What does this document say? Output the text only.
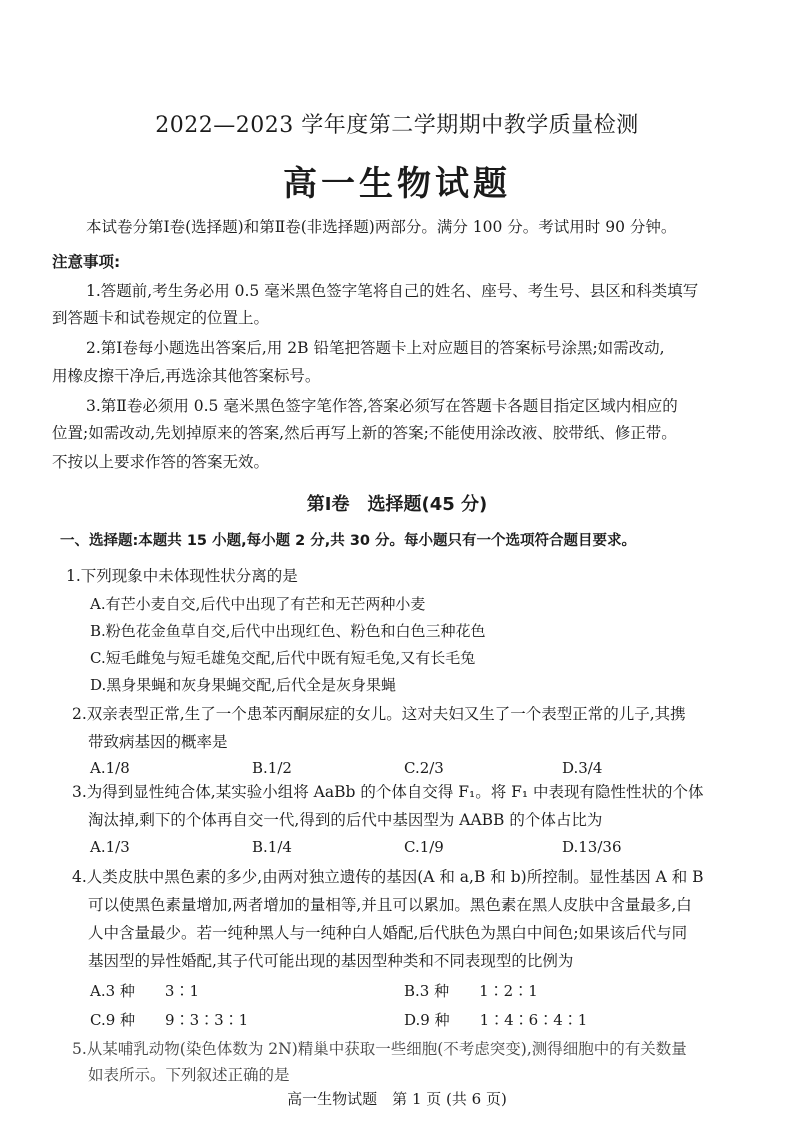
2022—2023 学年度第二学期期中教学质量检测
高一生物试题
本试卷分第Ⅰ卷(选择题)和第Ⅱ卷(非选择题)两部分。满分 100 分。考试用时 90 分钟。
注意事项:
1.答题前,考生务必用 0.5 毫米黑色签字笔将自己的姓名、座号、考生号、县区和科类填写
到答题卡和试卷规定的位置上。
2.第Ⅰ卷每小题选出答案后,用 2B 铅笔把答题卡上对应题目的答案标号涂黑;如需改动,
用橡皮擦干净后,再选涂其他答案标号。
3.第Ⅱ卷必须用 0.5 毫米黑色签字笔作答,答案必须写在答题卡各题目指定区域内相应的
位置;如需改动,先划掉原来的答案,然后再写上新的答案;不能使用涂改液、胶带纸、修正带。
不按以上要求作答的答案无效。
第Ⅰ卷　选择题(45 分)
一、选择题:本题共 15 小题,每小题 2 分,共 30 分。每小题只有一个选项符合题目要求。
1.下列现象中未体现性状分离的是
A.有芒小麦自交,后代中出现了有芒和无芒两种小麦
B.粉色花金鱼草自交,后代中出现红色、粉色和白色三种花色
C.短毛雌兔与短毛雄兔交配,后代中既有短毛兔,又有长毛兔
D.黑身果蝇和灰身果蝇交配,后代全是灰身果蝇
2.双亲表型正常,生了一个患苯丙酮尿症的女儿。这对夫妇又生了一个表型正常的儿子,其携
带致病基因的概率是
A.1/8	B.1/2	C.2/3	D.3/4
3.为得到显性纯合体,某实验小组将 AaBb 的个体自交得 F₁。将 F₁ 中表现有隐性性状的个体
淘汰掉,剩下的个体再自交一代,得到的后代中基因型为 AABB 的个体占比为
A.1/3	B.1/4	C.1/9	D.13/36
4.人类皮肤中黑色素的多少,由两对独立遗传的基因(A 和 a,B 和 b)所控制。显性基因 A 和 B
可以使黑色素量增加,两者增加的量相等,并且可以累加。黑色素在黑人皮肤中含量最多,白
人中含量最少。若一纯种黑人与一纯种白人婚配,后代肤色为黑白中间色;如果该后代与同
基因型的异性婚配,其子代可能出现的基因型种类和不同表现型的比例为
A.3 种　　3∶1	B.3 种　　1∶2∶1
C.9 种　　9∶3∶3∶1	D.9 种　　1∶4∶6∶4∶1
5.从某哺乳动物(染色体数为 2N)精巢中获取一些细胞(不考虑突变),测得细胞中的有关数量
如表所示。下列叙述正确的是
高一生物试题　第 1 页 (共 6 页)
